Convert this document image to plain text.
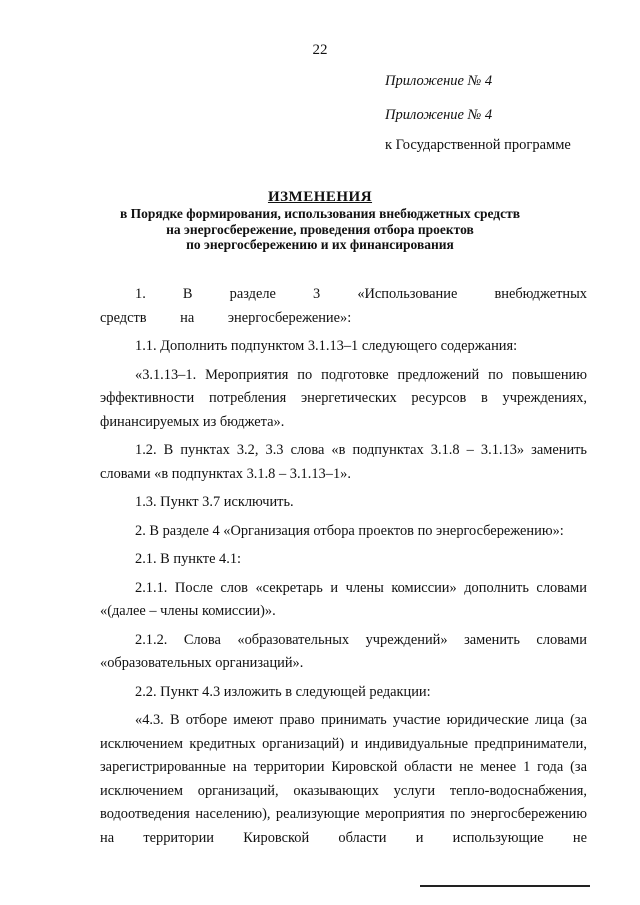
22
Приложение № 4
Приложение № 4
к Государственной программе
ИЗМЕНЕНИЯ
в Порядке формирования, использования внебюджетных средств
на энергосбережение, проведения отбора проектов
по энергосбережению и их финансирования

1. В разделе 3 «Использование внебюджетных средств на энергосбережение»:

1.1. Дополнить подпунктом 3.1.13–1 следующего содержания:

«3.1.13–1. Мероприятия по подготовке предложений по повышению эффективности потребления энергетических ресурсов в учреждениях, финансируемых из бюджета».

1.2. В пунктах 3.2, 3.3 слова «в подпунктах 3.1.8 – 3.1.13» заменить словами «в подпунктах 3.1.8 – 3.1.13–1».

1.3. Пункт 3.7 исключить.

2. В разделе 4 «Организация отбора проектов по энергосбережению»:

2.1. В пункте 4.1:

2.1.1. После слов «секретарь и члены комиссии» дополнить словами «(далее – члены комиссии)».

2.1.2. Слова «образовательных учреждений» заменить словами «образовательных организаций».

2.2. Пункт 4.3 изложить в следующей редакции:

«4.3. В отборе имеют право принимать участие юридические лица (за исключением кредитных организаций) и индивидуальные предприниматели, зарегистрированные на территории Кировской области не менее 1 года (за исключением организаций, оказывающих услуги тепло-водоснабжения, водоотведения населению), реализующие мероприятия по энергосбережению на территории Кировской области и использующие не
